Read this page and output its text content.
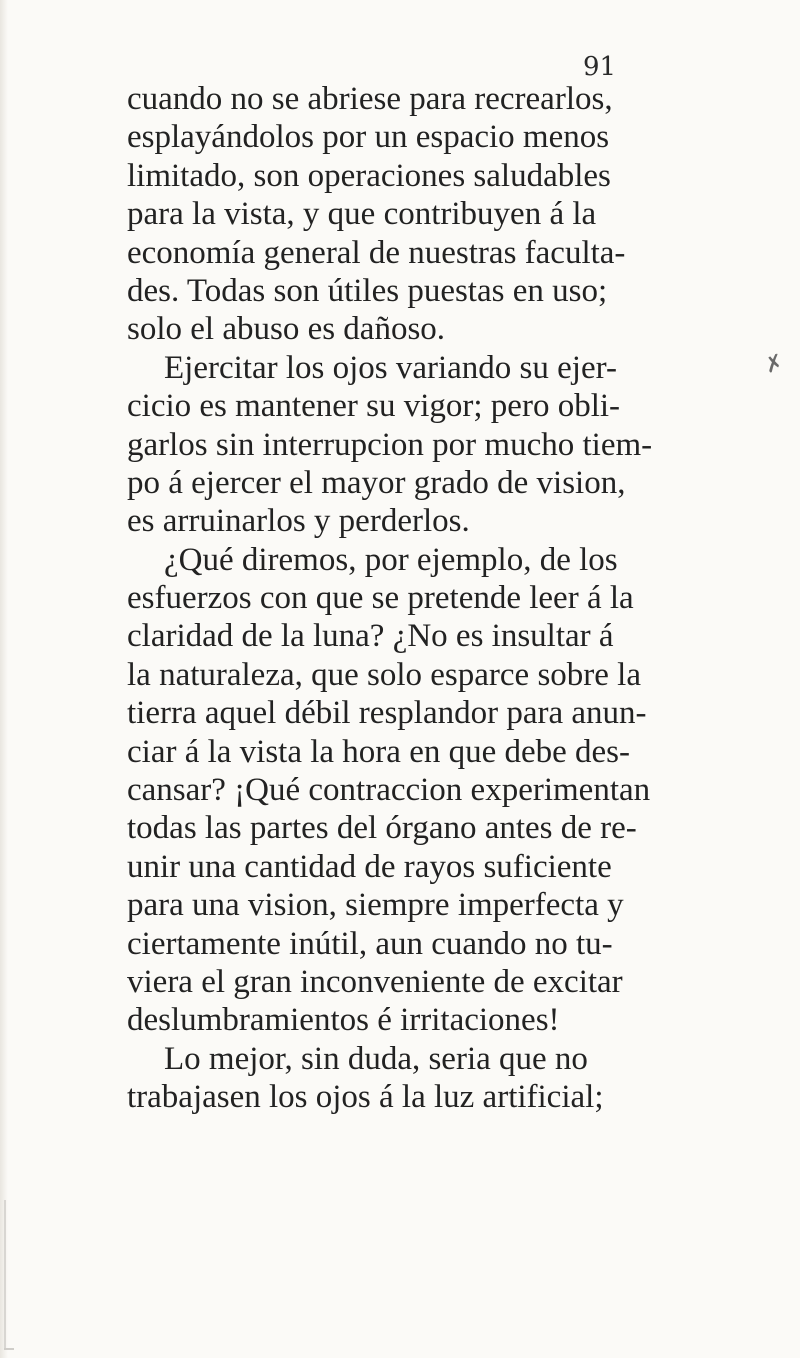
91
✗
cuando no se abriese para recrearlos,
esplayándolos por un espacio menos
limitado, son operaciones saludables
para la vista, y que contribuyen á la
economía general de nuestras faculta-
des. Todas son útiles puestas en uso;
solo el abuso es dañoso.
Ejercitar los ojos variando su ejer-
cicio es mantener su vigor; pero obli-
garlos sin interrupcion por mucho tiem-
po á ejercer el mayor grado de vision,
es arruinarlos y perderlos.
¿Qué diremos, por ejemplo, de los
esfuerzos con que se pretende leer á la
claridad de la luna? ¿No es insultar á
la naturaleza, que solo esparce sobre la
tierra aquel débil resplandor para anun-
ciar á la vista la hora en que debe des-
cansar? ¡Qué contraccion experimentan
todas las partes del órgano antes de re-
unir una cantidad de rayos suficiente
para una vision, siempre imperfecta y
ciertamente inútil, aun cuando no tu-
viera el gran inconveniente de excitar
deslumbramientos é irritaciones!
Lo mejor, sin duda, seria que no
trabajasen los ojos á la luz artificial;
